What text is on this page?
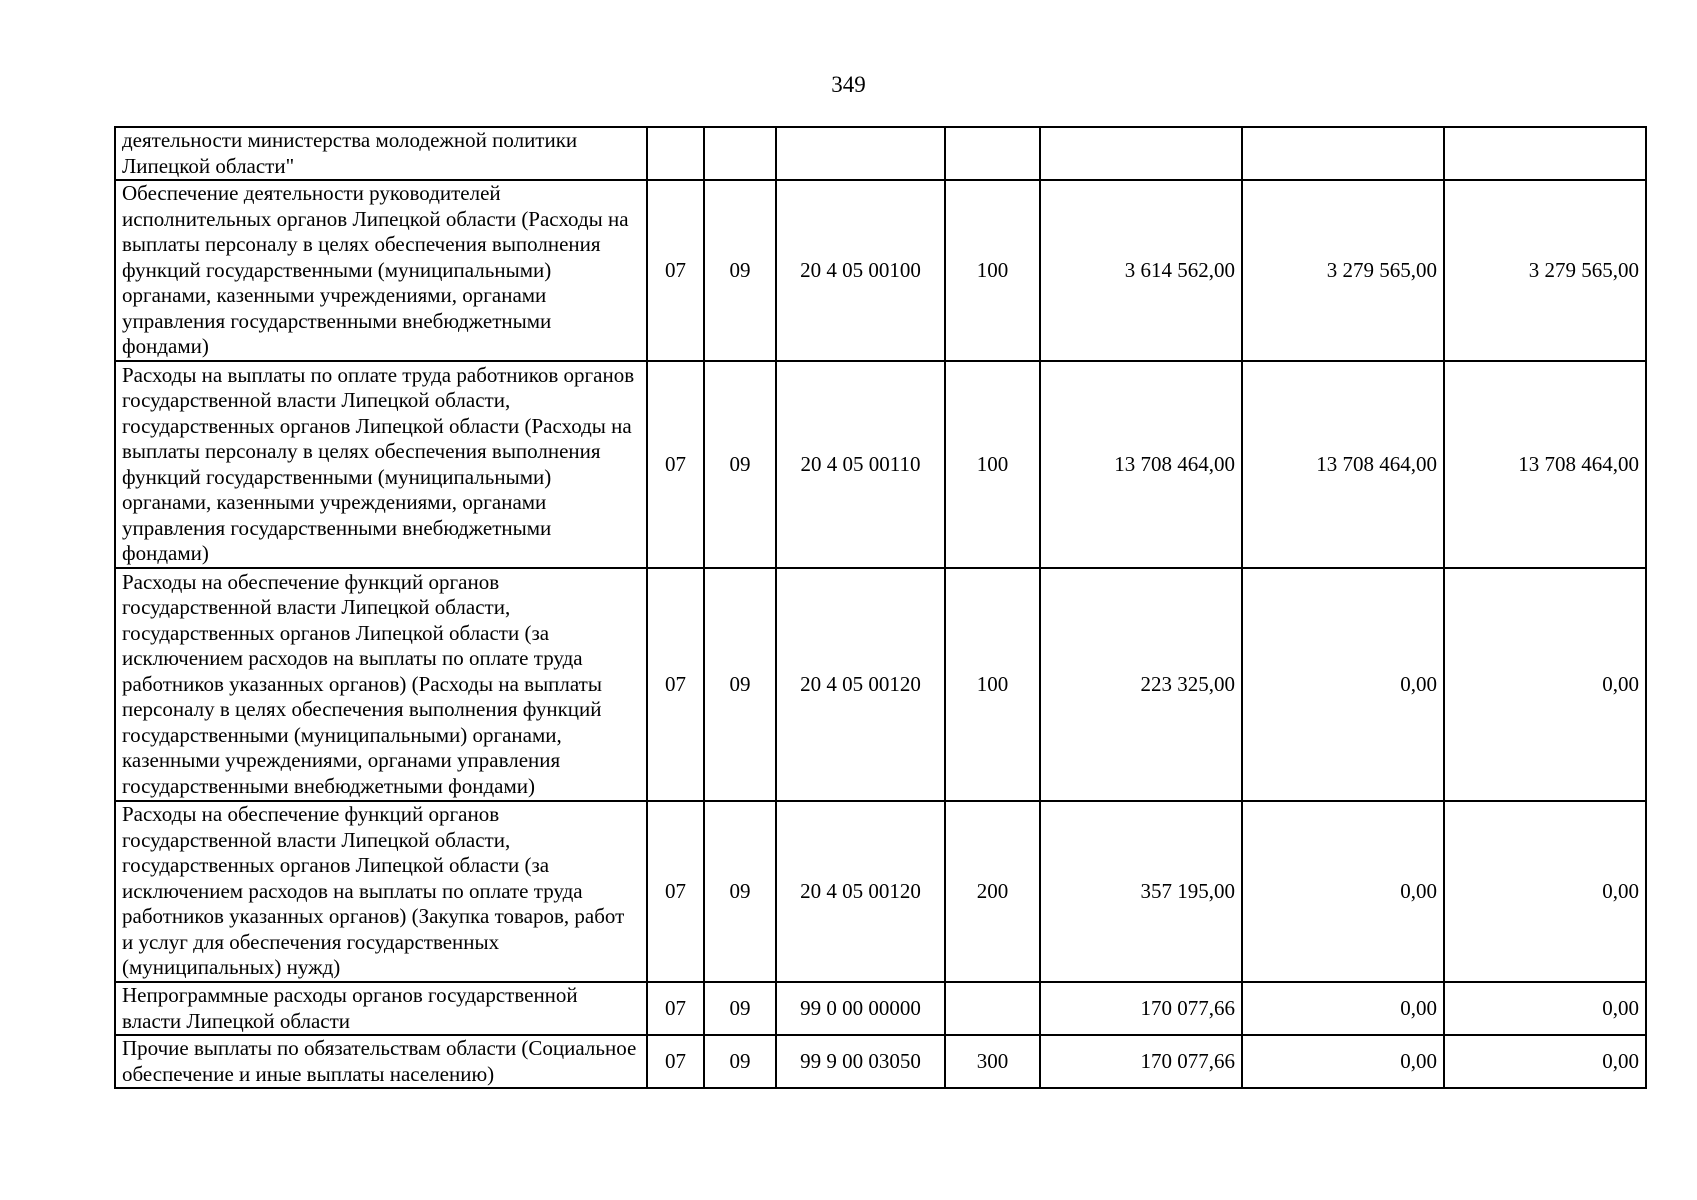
349
деятельности министерства молодежной политики Липецкой области"							
Обеспечение деятельности руководителей исполнительных органов Липецкой области (Расходы на выплаты персоналу в целях обеспечения выполнения функций государственными (муниципальными) органами, казенными учреждениями, органами управления государственными внебюджетными фондами)	07	09	20 4 05 00100	100	3 614 562,00	3 279 565,00	3 279 565,00
Расходы на выплаты по оплате труда работников органов государственной власти Липецкой области, государственных органов Липецкой области (Расходы на выплаты персоналу в целях обеспечения выполнения функций государственными (муниципальными) органами, казенными учреждениями, органами управления государственными внебюджетными фондами)	07	09	20 4 05 00110	100	13 708 464,00	13 708 464,00	13 708 464,00
Расходы на обеспечение функций органов государственной власти Липецкой области, государственных органов Липецкой области (за исключением расходов на выплаты по оплате труда работников указанных органов) (Расходы на выплаты персоналу в целях обеспечения выполнения функций государственными (муниципальными) органами, казенными учреждениями, органами управления государственными внебюджетными фондами)	07	09	20 4 05 00120	100	223 325,00	0,00	0,00
Расходы на обеспечение функций органов государственной власти Липецкой области, государственных органов Липецкой области (за исключением расходов на выплаты по оплате труда работников указанных органов) (Закупка товаров, работ и услуг для обеспечения государственных (муниципальных) нужд)	07	09	20 4 05 00120	200	357 195,00	0,00	0,00
Непрограммные расходы органов государственной власти Липецкой области	07	09	99 0 00 00000		170 077,66	0,00	0,00
Прочие выплаты по обязательствам области (Социальное обеспечение и иные выплаты населению)	07	09	99 9 00 03050	300	170 077,66	0,00	0,00
